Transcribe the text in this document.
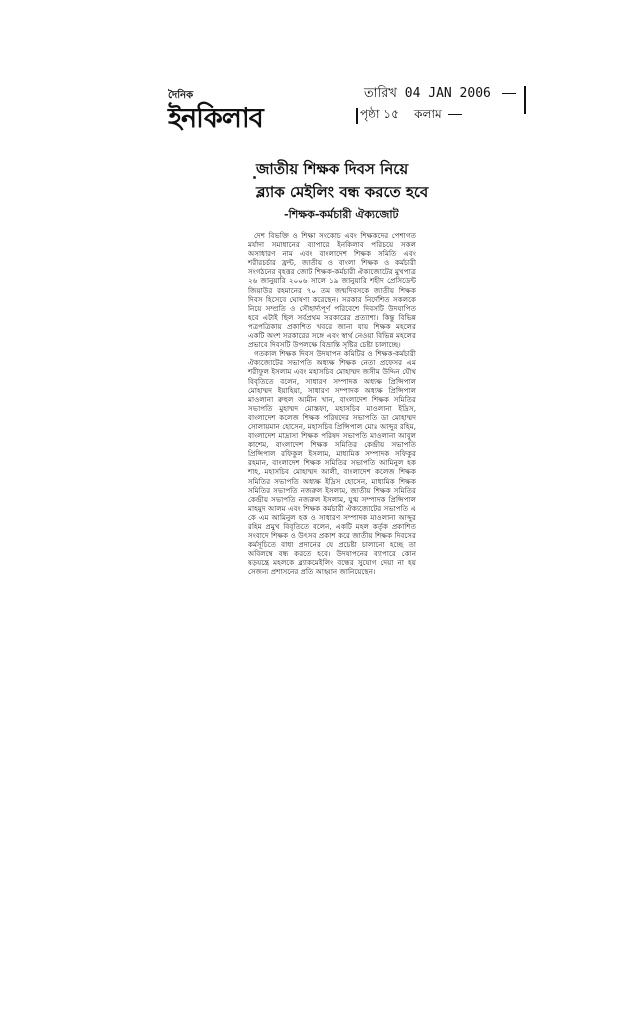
দৈনিক
ইনকিলাব
তারিখ 04 JAN 2006
পৃষ্ঠা ১৫ কলাম
জাতীয় শিক্ষক দিবস নিয়ে
ব্ল্যাক মেইলিং বন্ধ করতে হবে
-শিক্ষক-কর্মচারী ঐক্যজোট

দেশ বিভক্তি ও শিক্ষা সংকোচ এবং শিক্ষকদের পেশাগত মর্যাদা সমাধানের ব্যাপারে ইনকিলাব পরিচয়ে সকল অসাধারণ নাম এবং বাংলাদেশ শিক্ষক সমিতি এবং শরীরচর্চার ফ্রন্ট, জাতীয় ও বাংলা শিক্ষক ও কর্মচারী সংগঠনের বৃহত্তর জোট শিক্ষক-কর্মচারী ঐক্যজোটের মুখপাত্র ২৬ জানুয়ারি ২০০৬ সালে ১৯ জানুয়ারি শহীদ প্রেসিডেন্ট জিয়াউর রহমানের ৭০ তম জন্মদিবসকে জাতীয় শিক্ষক দিবস হিসেবে ঘোষণা করেছেন। সরকার নির্দেশিত সকলকে নিয়ে সম্প্রতি ও সৌহার্দ্যপূর্ণ পরিবেশে দিবসটি উদযাপিত হবে এটাই ছিল সর্বপ্রথম সরকারের প্রত্যাশা। কিন্তু বিভিন্ন পত্রপত্রিকায় প্রকাশিত খবরে জানা যায় শিক্ষক মহলের একটি অংশ সরকারের সঙ্গে এবং স্বার্থ নেওয়া বিভিন্ন মহলের প্রভাবে দিবসটি উপলক্ষে বিভ্রান্তি সৃষ্টির চেষ্টা চালাচ্ছে।

গতকাল শিক্ষক দিবস উদযাপন কমিটির ও শিক্ষক-কর্মচারী ঐক্যজোটের সভাপতি অধ্যক্ষ শিক্ষক নেতা প্রফেসর এম শরীফুল ইসলাম এবং মহাসচিব মোহাম্মদ জসীম উদ্দিন যৌথ বিবৃতিতে বলেন, সাধারণ সম্পাদক অধ্যক্ষ প্রিন্সিপাল মোহাম্মদ ইয়াহিয়া, সাধারণ সম্পাদক অধ্যক্ষ প্রিন্সিপাল মাওলানা রুহুল আমীন খান, বাংলাদেশ শিক্ষক সমিতির সভাপতি মুহাম্মদ মোস্তফা, মহাসচিব মাওলানা ইদ্রিস, বাংলাদেশ কলেজ শিক্ষক পরিষদের সভাপতি ডা মোহাম্মদ সোলায়মান হোসেন, মহাসচিব প্রিন্সিপাল মোঃ আব্দুর রহিম, বাংলাদেশ মাদ্রাসা শিক্ষক পরিষদ সভাপতি মাওলানা আবুল কাশেম, বাংলাদেশ শিক্ষক সমিতির কেন্দ্রীয় সভাপতি প্রিন্সিপাল রফিকুল ইসলাম, মাধ্যমিক সম্পাদক সফিকুর রহমান, বাংলাদেশ শিক্ষক সমিতির সভাপতি আমিনুল হক শাহ, মহাসচিব মোহাম্মদ আলী, বাংলাদেশ কলেজ শিক্ষক সমিতির সভাপতি অধ্যক্ষ ইদ্রিস হোসেন, মাধ্যমিক শিক্ষক সমিতির সভাপতি নজরুল ইসলাম, জাতীয় শিক্ষক সমিতির কেন্দ্রীয় সভাপতি নজরুল ইসলাম, যুগ্ম সম্পাদক প্রিন্সিপাল মাহমুদ আলম এবং শিক্ষক কর্মচারী ঐক্যজোটের সভাপতি এ কে এম আমিনুল হক ও সাধারণ সম্পাদক মাওলানা আব্দুর রহিম প্রমুখ বিবৃতিতে বলেন, একটি মহল কর্তৃক প্রকাশিত সংবাদে শিক্ষক ও উৎসব প্রকাশ করে জাতীয় শিক্ষক দিবসের কর্মসূচিতে বাধা প্রদানের যে প্রচেষ্টা চালানো হচ্ছে তা অবিলম্বে বন্ধ করতে হবে। উদযাপনের ব্যাপারে কোন ষড়যন্ত্রে মহলকে ব্ল্যাকমেইলিং বন্ধের সুযোগ দেয়া না হয় সেজন্য প্রশাসনের প্রতি আহ্বান জানিয়েছেন।
